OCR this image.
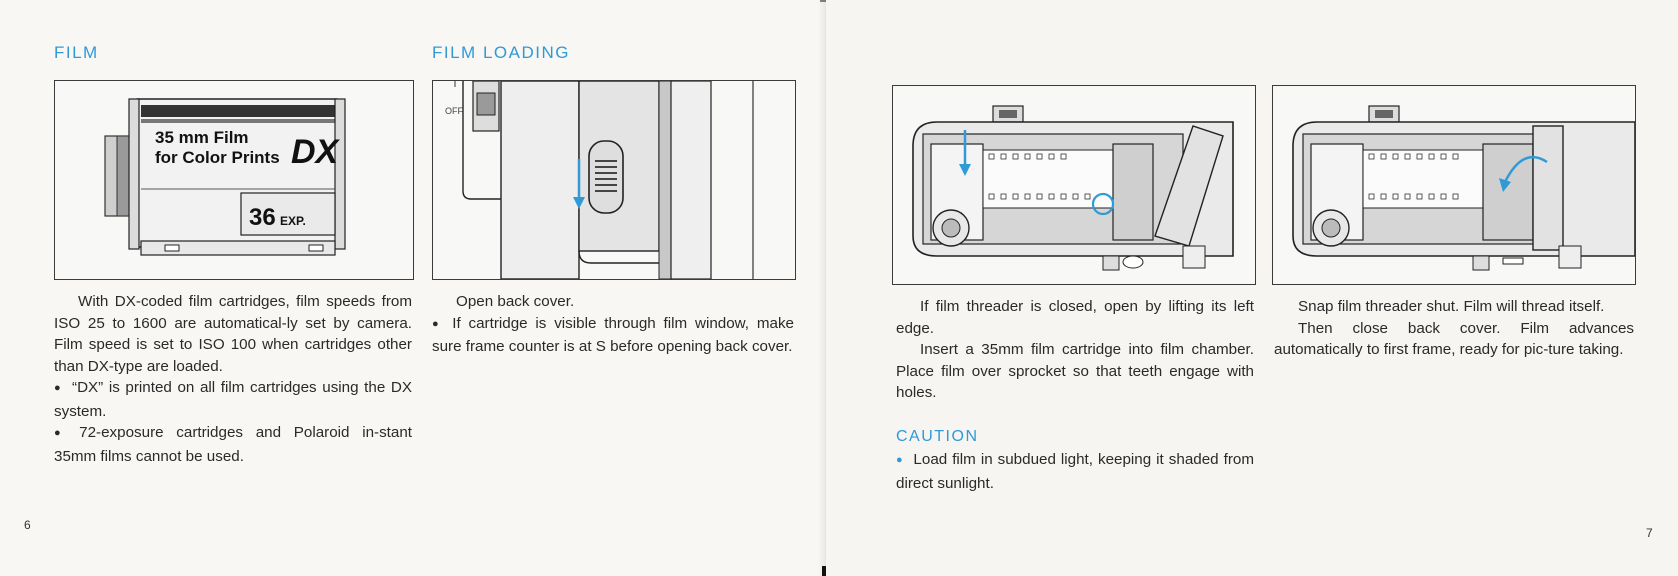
FILM	FILM LOADING
35 mm Film
for Color Prints DX
36 EXP.
OFF

With DX-coded film cartridges, film speeds from ISO 25 to 1600 are automatical-ly set by camera. Film speed is set to ISO 100 when cartridges other than DX-type are loaded.

● “DX” is printed on all film cartridges using the DX system.

● 72-exposure cartridges and Polaroid in-stant 35mm films cannot be used.

Open back cover.

● If cartridge is visible through film window, make sure frame counter is at S before opening back cover.

6

If film threader is closed, open by lifting its left edge.

Insert a 35mm film cartridge into film chamber. Place film over sprocket so that teeth engage with holes.

CAUTION

● Load film in subdued light, keeping it shaded from direct sunlight.

Snap film threader shut. Film will thread itself.

Then close back cover. Film advances automatically to first frame, ready for pic-ture taking.

7
